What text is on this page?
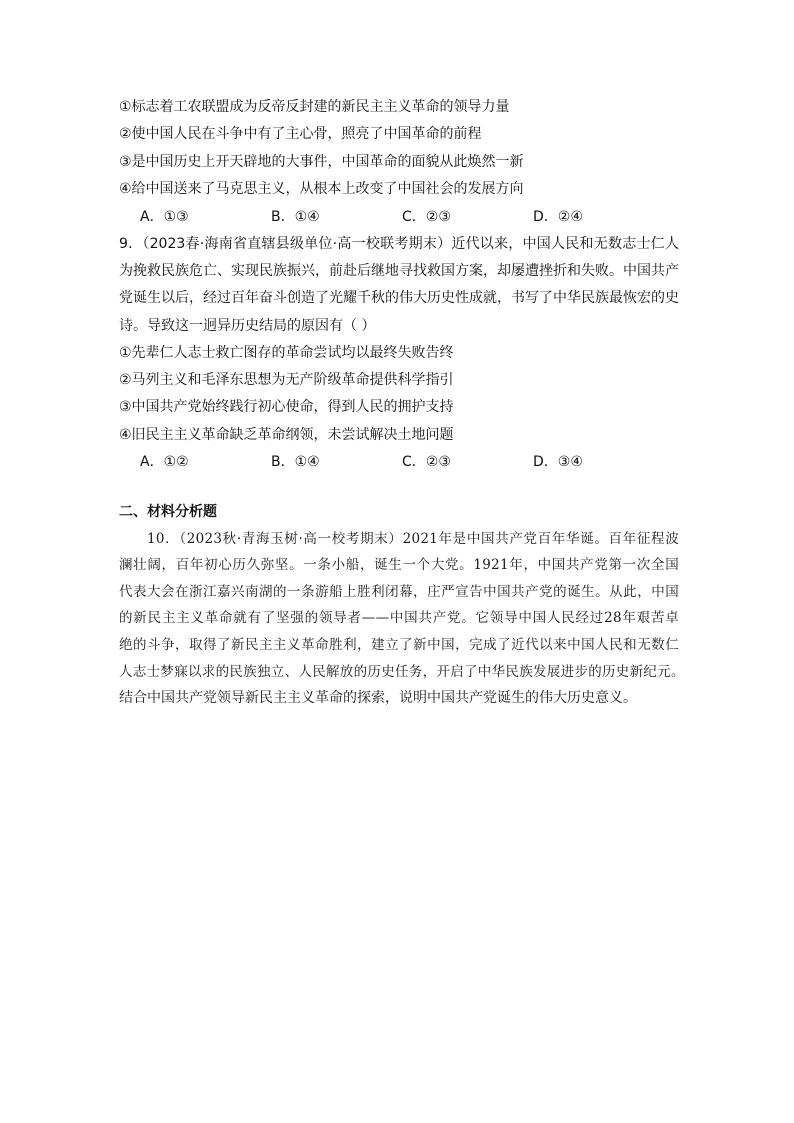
①标志着工农联盟成为反帝反封建的新民主主义革命的领导力量
②使中国人民在斗争中有了主心骨，照亮了中国革命的前程
③是中国历史上开天辟地的大事件，中国革命的面貌从此焕然一新
④给中国送来了马克思主义，从根本上改变了中国社会的发展方向
A．①③	B．①④	C．②③	D．②④
9．（2023春·海南省直辖县级单位·高一校联考期末）近代以来，中国人民和无数志士仁人
为挽救民族危亡、实现民族振兴，前赴后继地寻找救国方案，却屡遭挫折和失败。中国共产
党诞生以后，经过百年奋斗创造了光耀千秋的伟大历史性成就，书写了中华民族最恢宏的史
诗。导致这一迥异历史结局的原因有（ ）
①先辈仁人志士救亡图存的革命尝试均以最终失败告终
②马列主义和毛泽东思想为无产阶级革命提供科学指引
③中国共产党始终践行初心使命，得到人民的拥护支持
④旧民主主义革命缺乏革命纲领，未尝试解决土地问题
A．①②	B．①④	C．②③	D．③④
二、材料分析题
10．（2023秋·青海玉树·高一校考期末）2021年是中国共产党百年华诞。百年征程波
澜壮阔，百年初心历久弥坚。一条小船，诞生一个大党。1921年，中国共产党第一次全国
代表大会在浙江嘉兴南湖的一条游船上胜利闭幕，庄严宣告中国共产党的诞生。从此，中国
的新民主主义革命就有了坚强的领导者——中国共产党。它领导中国人民经过28年艰苦卓
绝的斗争，取得了新民主主义革命胜利，建立了新中国，完成了近代以来中国人民和无数仁
人志士梦寐以求的民族独立、人民解放的历史任务，开启了中华民族发展进步的历史新纪元。
结合中国共产党领导新民主主义革命的探索，说明中国共产党诞生的伟大历史意义。
